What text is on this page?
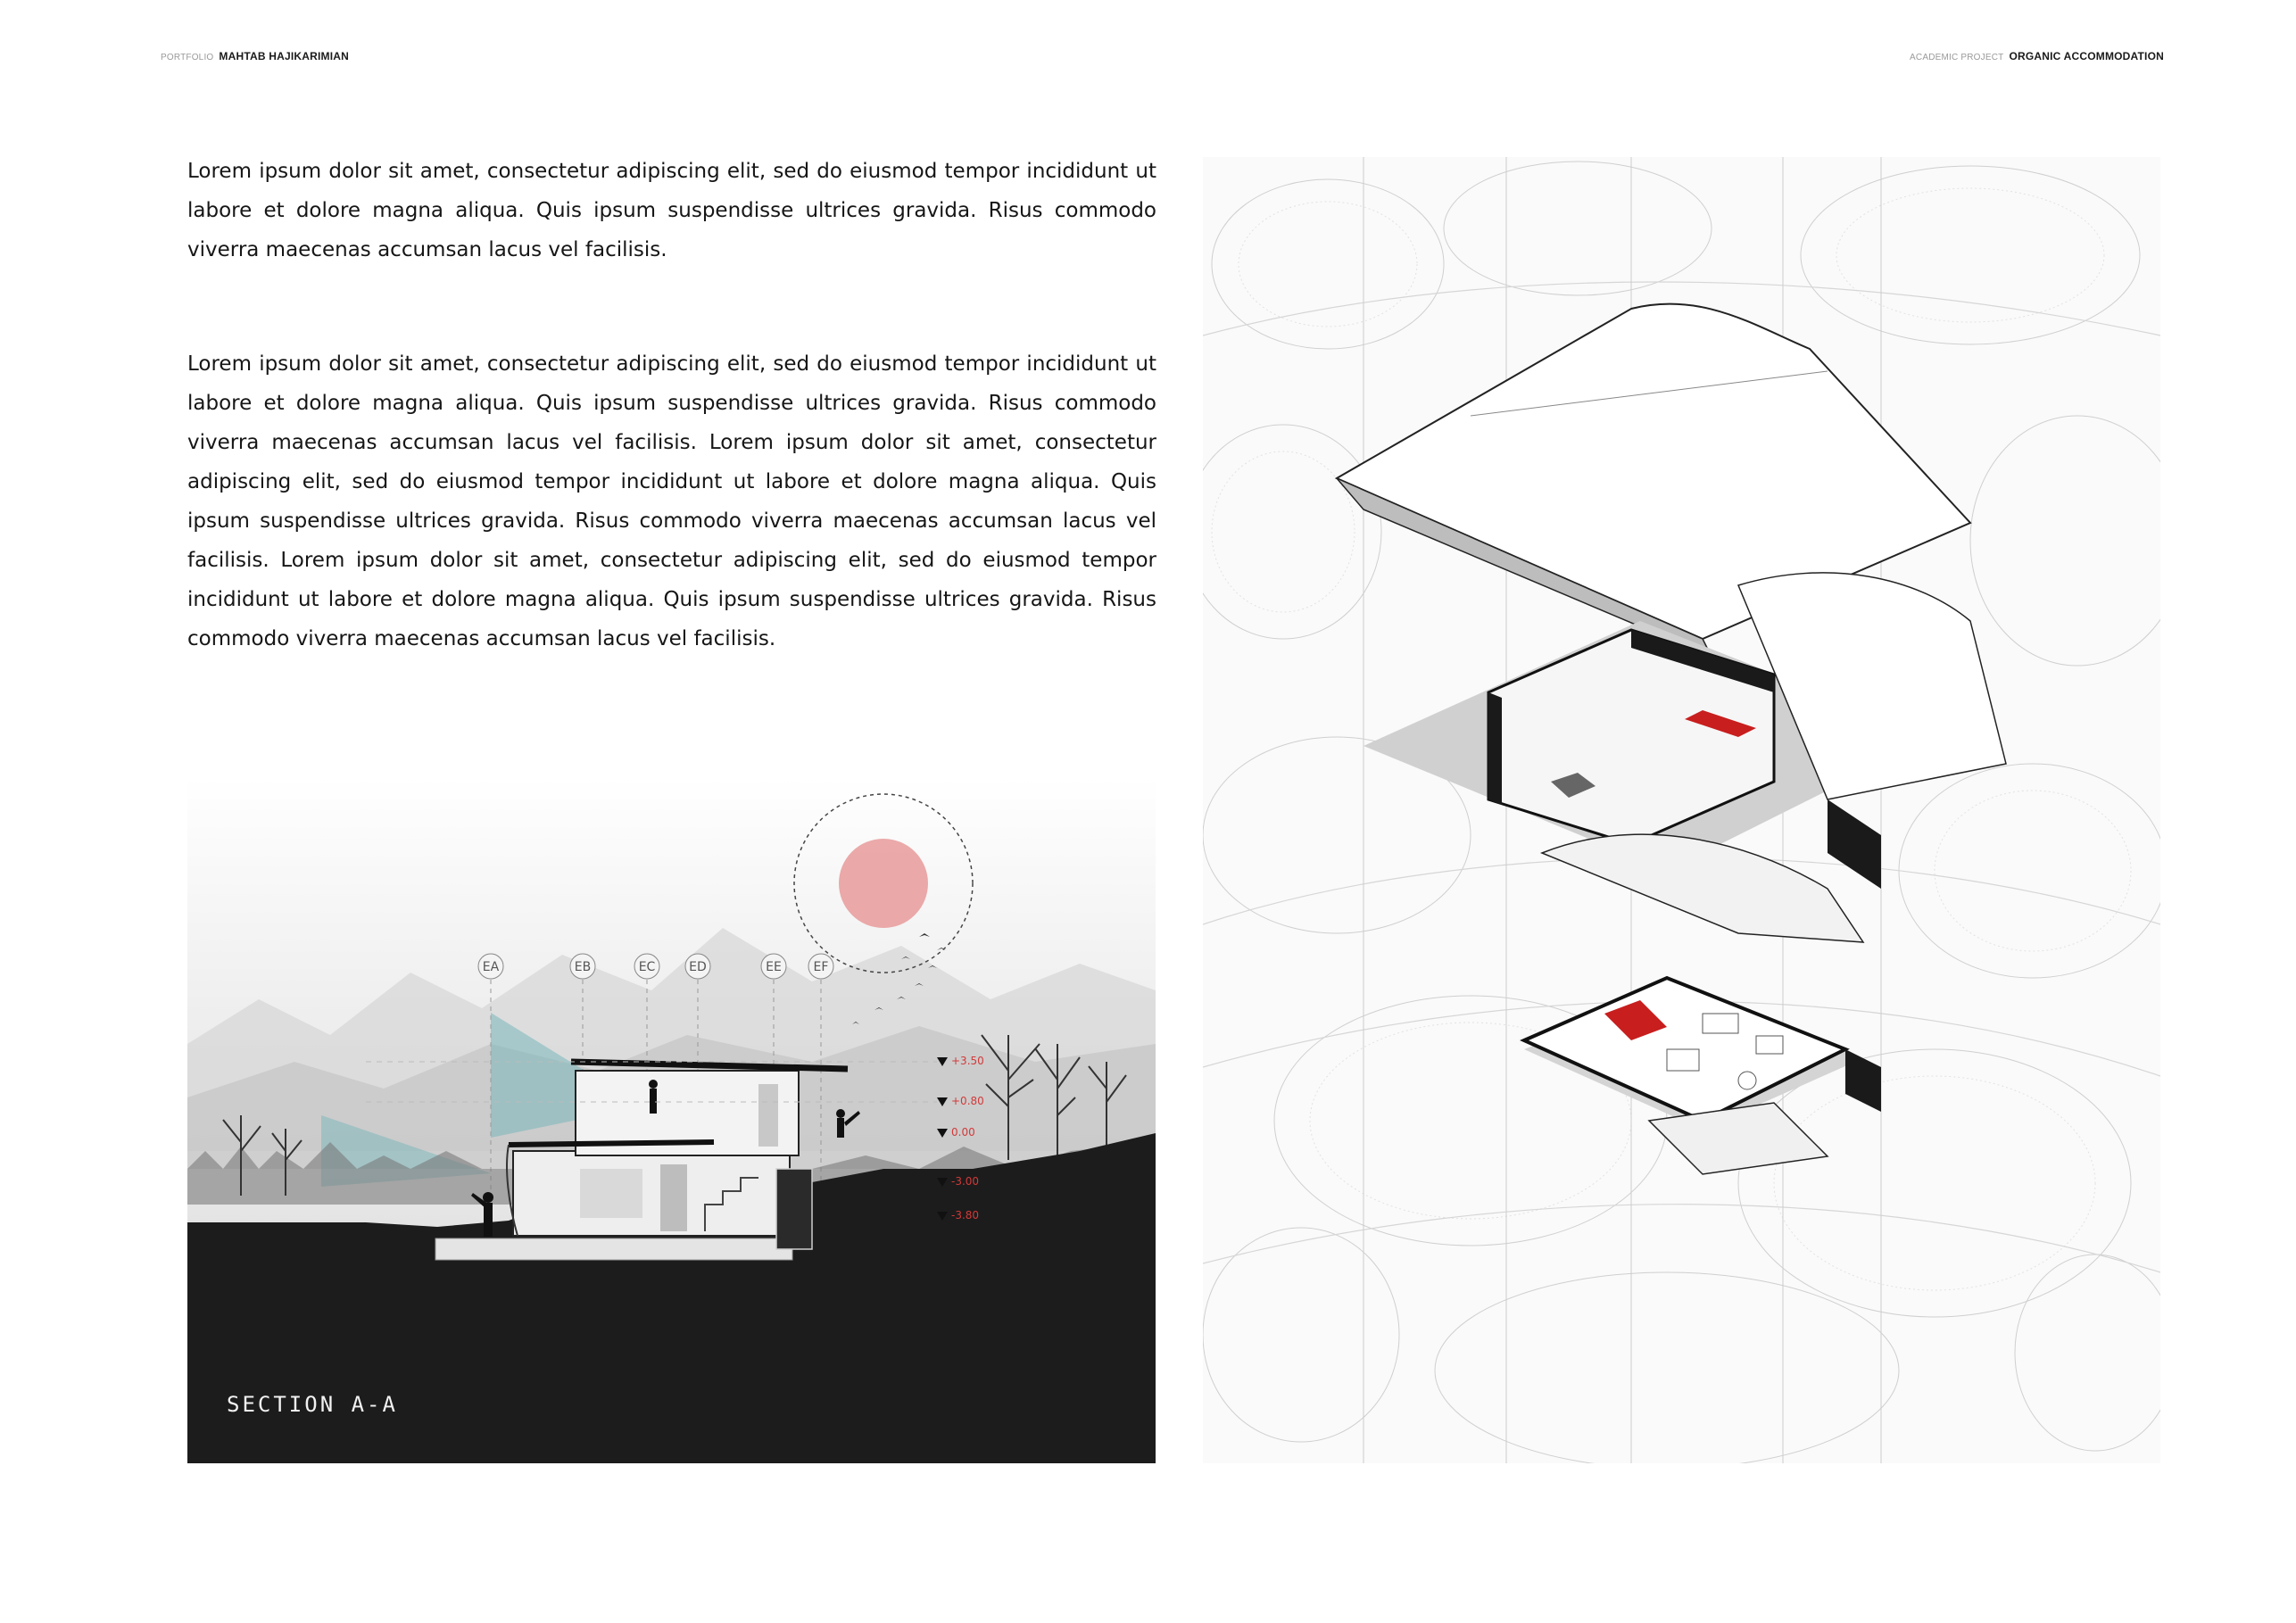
PORTFOLIO MAHTAB HAJIKARIMIAN	ACADEMIC PROJECT ORGANIC ACCOMMODATION

Lorem ipsum dolor sit amet, consectetur adipiscing elit, sed do eiusmod tempor incididunt ut labore et dolore magna aliqua. Quis ipsum suspendisse ultrices gravida. Risus commodo viverra maecenas accumsan lacus vel facilisis.

Lorem ipsum dolor sit amet, consectetur adipiscing elit, sed do eiusmod tempor incididunt ut labore et dolore magna aliqua. Quis ipsum suspendisse ultrices gravida. Risus commodo viverra maecenas accumsan lacus vel facilisis. Lorem ipsum dolor sit amet, consectetur adipiscing elit, sed do eiusmod tempor incididunt ut labore et dolore magna aliqua. Quis ipsum suspendisse ultrices gravida. Risus commodo viverra maecenas accumsan lacus vel facilisis. Lorem ipsum dolor sit amet, consectetur adipiscing elit, sed do eiusmod tempor incididunt ut labore et dolore magna aliqua. Quis ipsum suspendisse ultrices gravida. Risus commodo viverra maecenas accumsan lacus vel facilisis.

EA	EB	EC	ED	EE	EF
+3.50
+0.80
0.00
-3.00
-3.80
SECTION A-A
